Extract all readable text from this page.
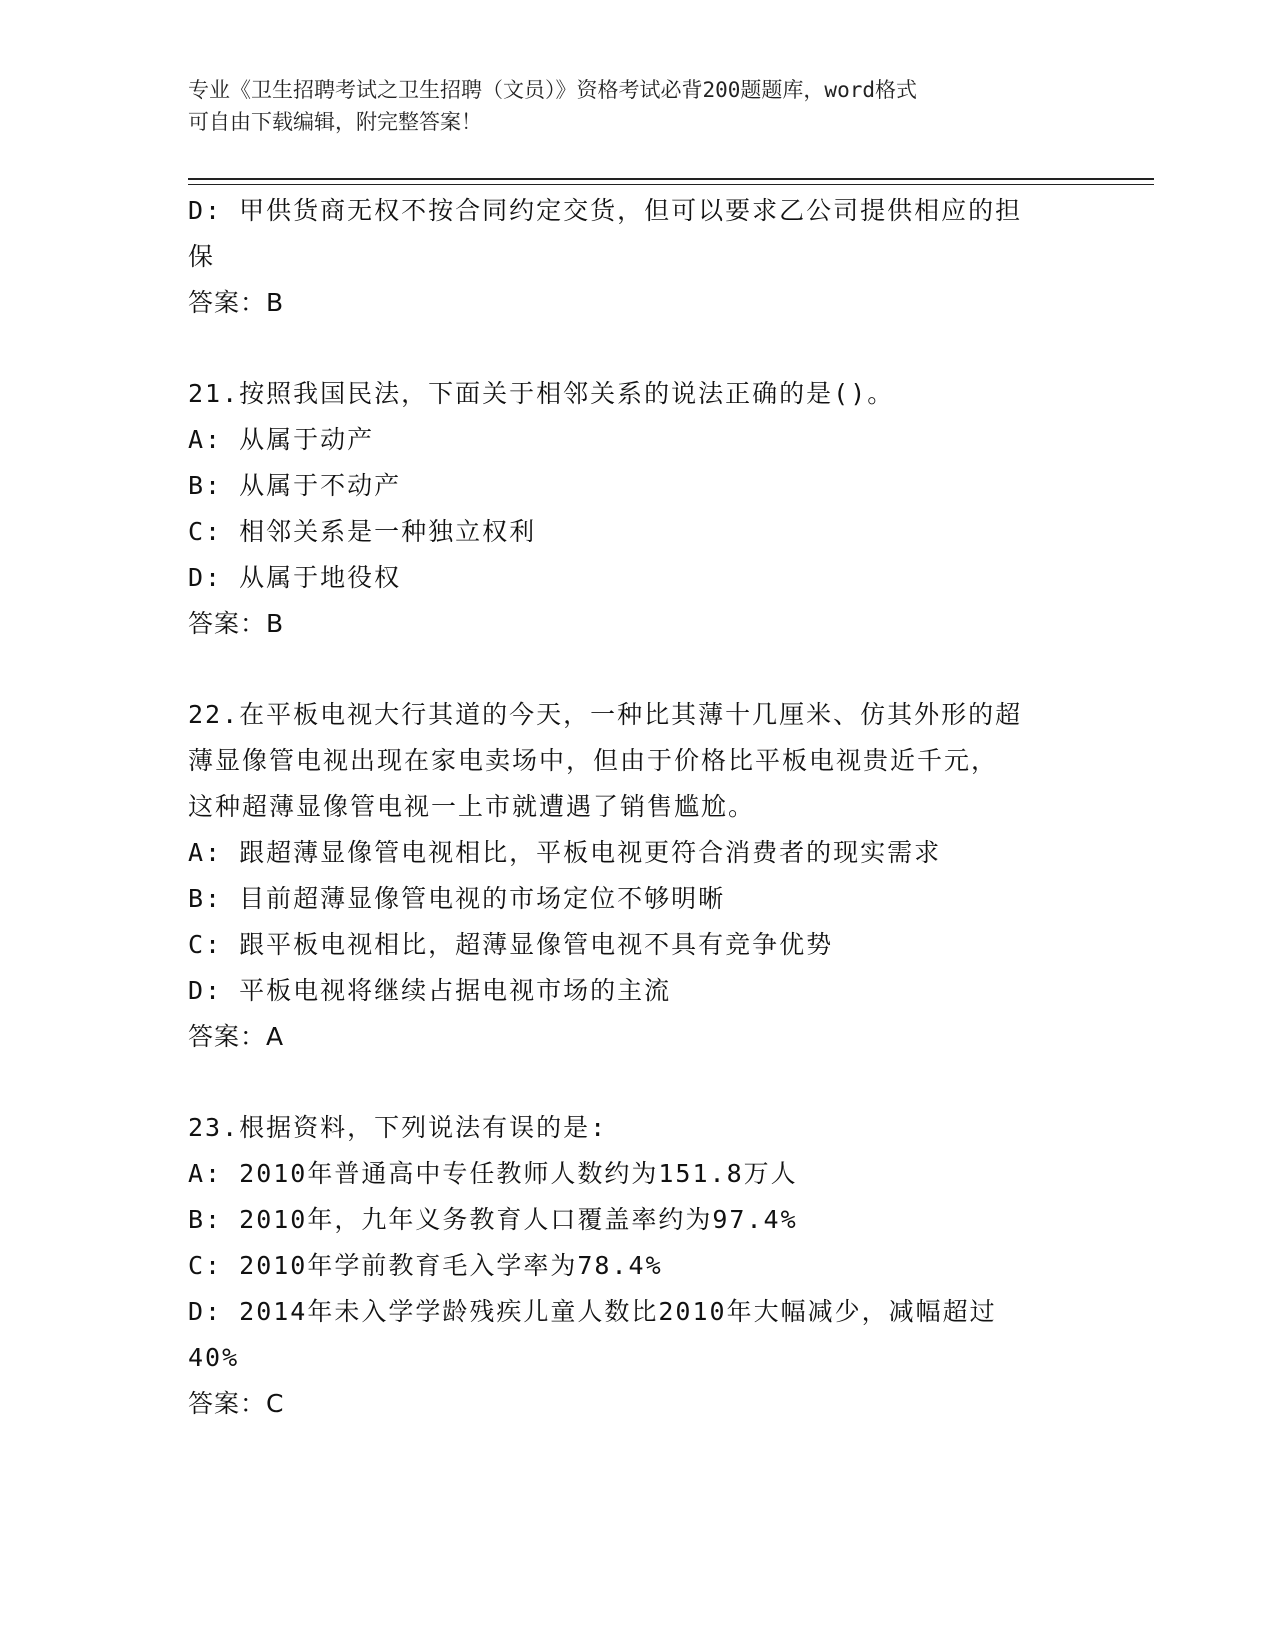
专业《卫生招聘考试之卫生招聘（文员）》资格考试必背200题题库，word格式
可自由下载编辑，附完整答案！
D: 甲供货商无权不按合同约定交货，但可以要求乙公司提供相应的担
保
答案：B
21.按照我国民法，下面关于相邻关系的说法正确的是()。
A: 从属于动产
B: 从属于不动产
C: 相邻关系是一种独立权利
D: 从属于地役权
答案：B
22.在平板电视大行其道的今天，一种比其薄十几厘米、仿其外形的超
薄显像管电视出现在家电卖场中，但由于价格比平板电视贵近千元，
这种超薄显像管电视一上市就遭遇了销售尴尬。
A: 跟超薄显像管电视相比，平板电视更符合消费者的现实需求
B: 目前超薄显像管电视的市场定位不够明晰
C: 跟平板电视相比，超薄显像管电视不具有竞争优势
D: 平板电视将继续占据电视市场的主流
答案：A
23.根据资料，下列说法有误的是:
A: 2010年普通高中专任教师人数约为151.8万人
B: 2010年，九年义务教育人口覆盖率约为97.4%
C: 2010年学前教育毛入学率为78.4%
D: 2014年未入学学龄残疾儿童人数比2010年大幅减少，减幅超过
40%
答案：C
